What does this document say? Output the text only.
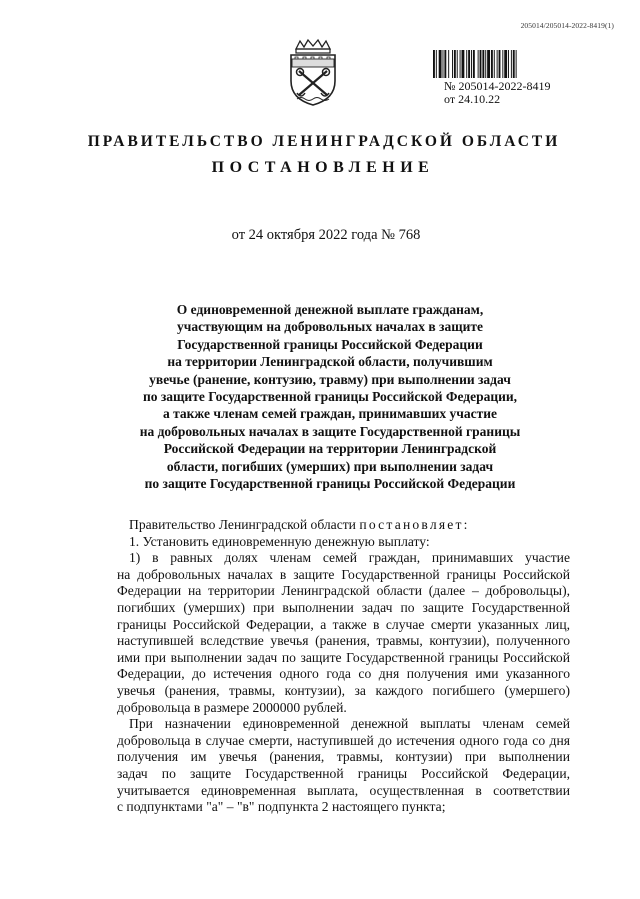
205014/205014-2022-8419(1)
№ 205014-2022-8419
от 24.10.22
ПРАВИТЕЛЬСТВО ЛЕНИНГРАДСКОЙ ОБЛАСТИ
ПОСТАНОВЛЕНИЕ
от 24 октября 2022 года № 768
О единовременной денежной выплате гражданам,
участвующим на добровольных началах в защите
Государственной границы Российской Федерации
на территории Ленинградской области, получившим
увечье (ранение, контузию, травму) при выполнении задач
по защите Государственной границы Российской Федерации,
а также членам семей граждан, принимавших участие
на добровольных началах в защите Государственной границы
Российской Федерации на территории Ленинградской
области, погибших (умерших) при выполнении задач
по защите Государственной границы Российской Федерации
Правительство Ленинградской области постановляет:
1. Установить единовременную денежную выплату:
1) в равных долях членам семей граждан, принимавших участие
на добровольных началах в защите Государственной границы Российской
Федерации на территории Ленинградской области (далее – добровольцы),
погибших (умерших) при выполнении задач по защите Государственной
границы Российской Федерации, а также в случае смерти указанных лиц,
наступившей вследствие увечья (ранения, травмы, контузии), полученного
ими при выполнении задач по защите Государственной границы Российской
Федерации, до истечения одного года со дня получения ими указанного
увечья (ранения, травмы, контузии), за каждого погибшего (умершего)
добровольца в размере 2000000 рублей.
При назначении единовременной денежной выплаты членам семей
добровольца в случае смерти, наступившей до истечения одного года со дня
получения им увечья (ранения, травмы, контузии) при выполнении
задач по защите Государственной границы Российской Федерации,
учитывается единовременная выплата, осуществленная в соответствии
с подпунктами "а" – "в" подпункта 2 настоящего пункта;
